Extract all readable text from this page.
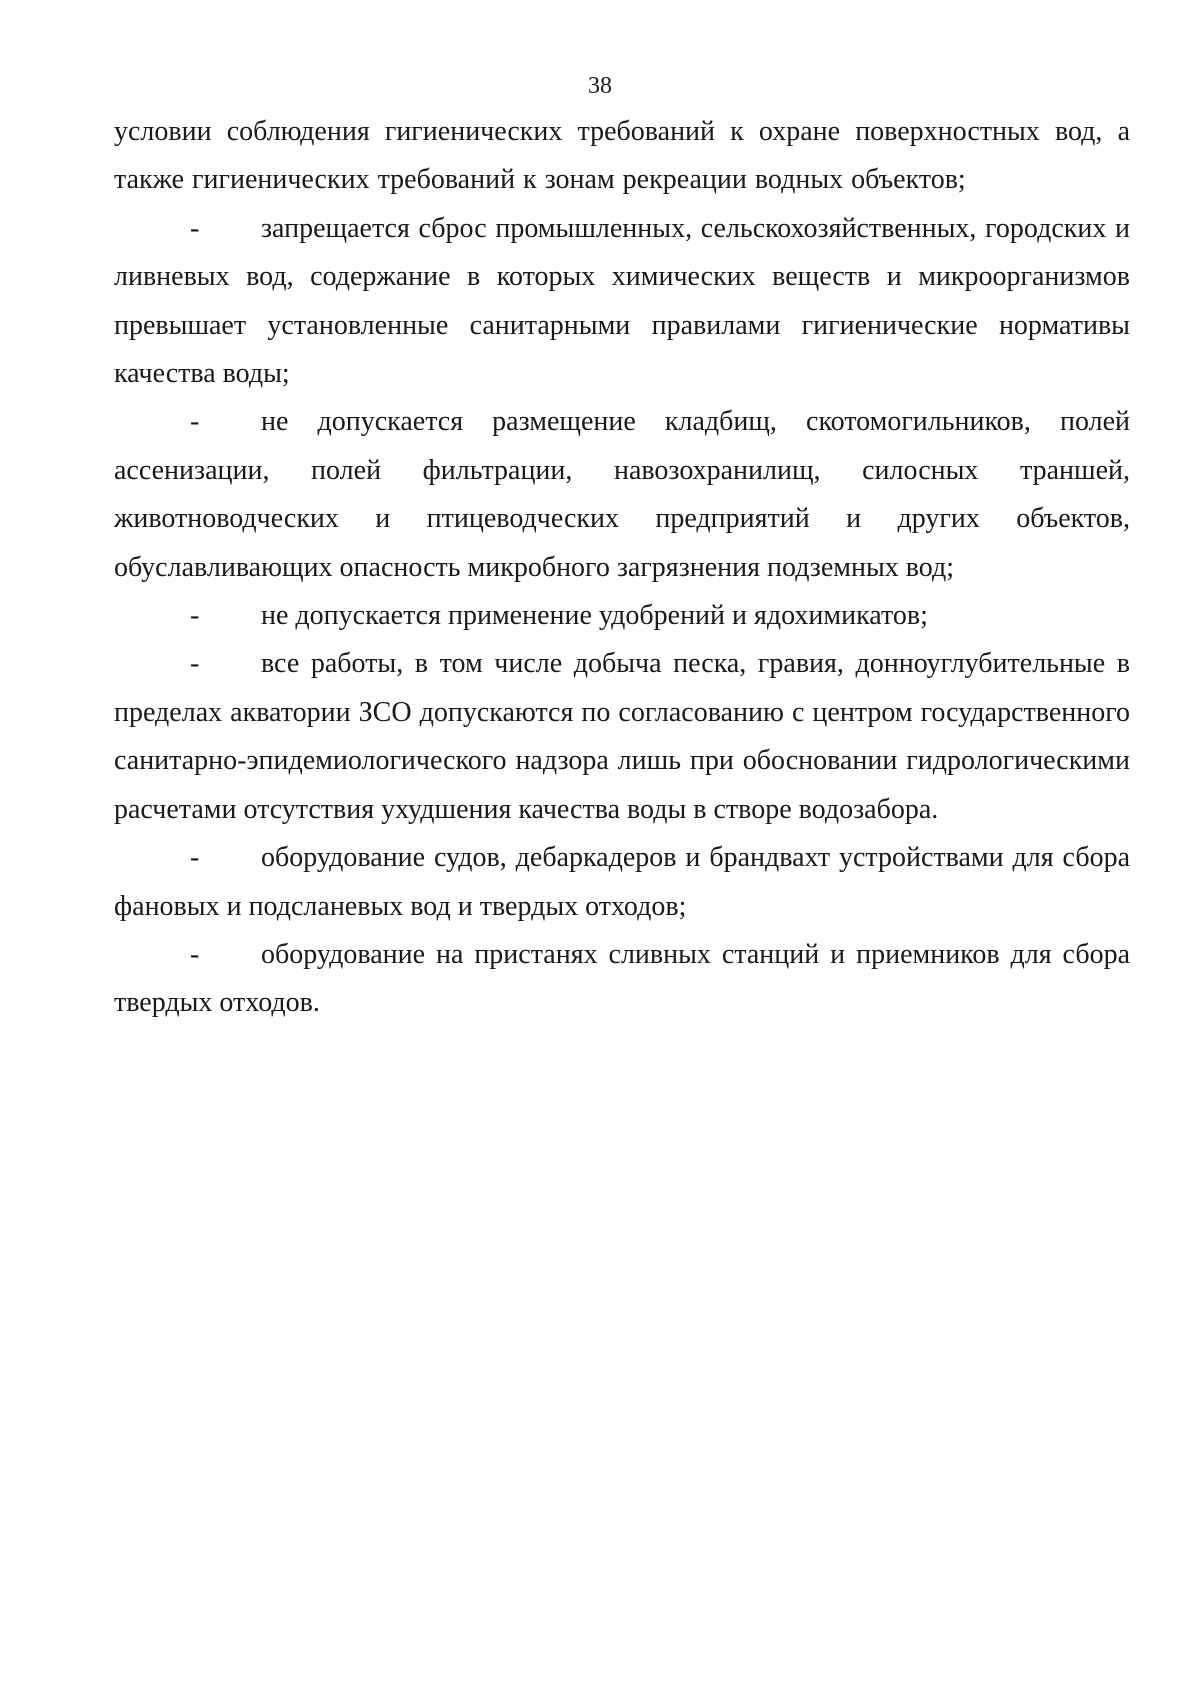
38

условии соблюдения гигиенических требований к охране поверхностных вод, а также гигиенических требований к зонам рекреации водных объектов;

- запрещается сброс промышленных, сельскохозяйственных, городских и ливневых вод, содержание в которых химических веществ и микроорганизмов превышает установленные санитарными правилами гигиенические нормативы качества воды;

- не допускается размещение кладбищ, скотомогильников, полей ассенизации, полей фильтрации, навозохранилищ, силосных траншей, животноводческих и птицеводческих предприятий и других объектов, обуславливающих опасность микробного загрязнения подземных вод;

- не допускается применение удобрений и ядохимикатов;

- все работы, в том числе добыча песка, гравия, донноуглубительные в пределах акватории ЗСО допускаются по согласованию с центром государственного санитарно-эпидемиологического надзора лишь при обосновании гидрологическими расчетами отсутствия ухудшения качества воды в створе водозабора.

- оборудование судов, дебаркадеров и брандвахт устройствами для сбора фановых и подсланевых вод и твердых отходов;

- оборудование на пристанях сливных станций и приемников для сбора твердых отходов.
